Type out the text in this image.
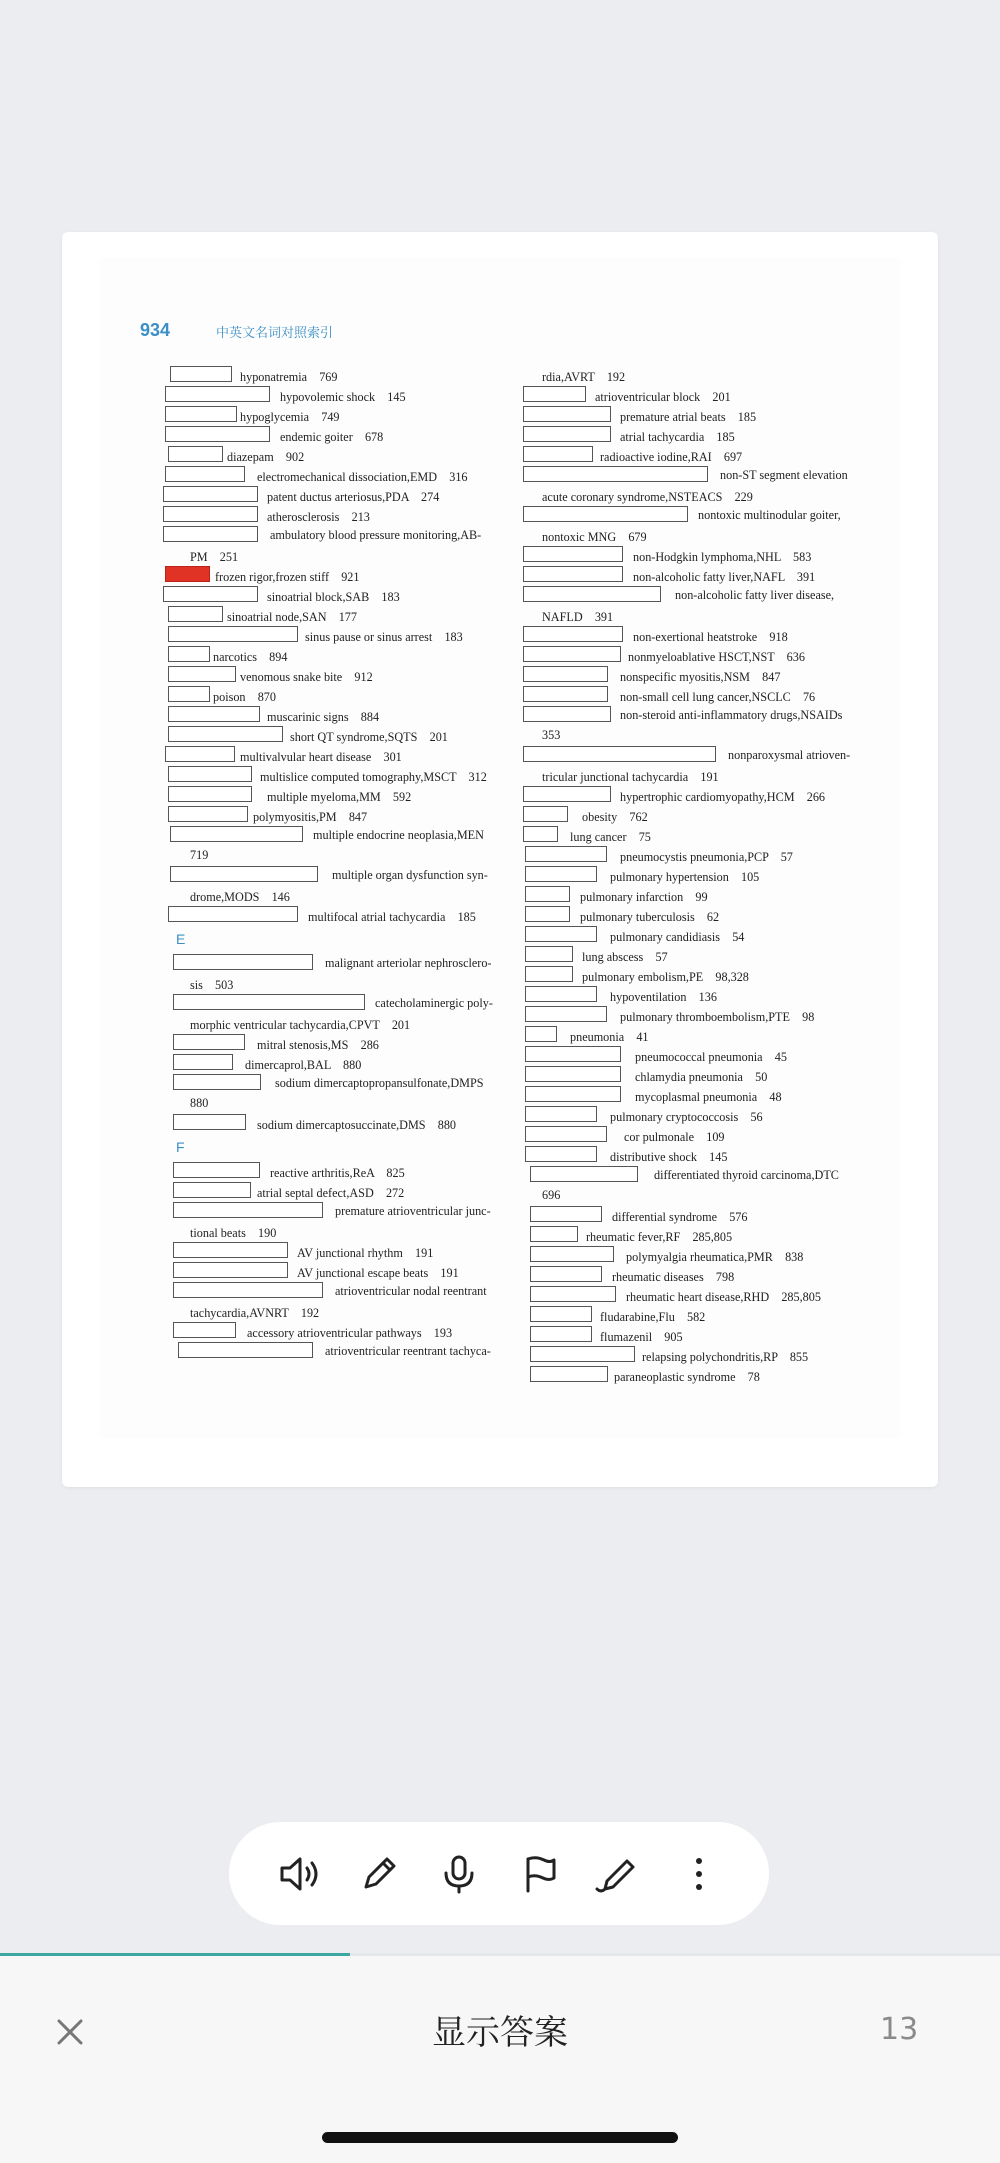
934	中英文名词对照索引
hyponatremia　769
hypovolemic shock　145
hypoglycemia　749
endemic goiter　678
diazepam　902
electromechanical dissociation,EMD　316
patent ductus arteriosus,PDA　274
atherosclerosis　213
ambulatory blood pressure monitoring,AB-
PM　251
frozen rigor,frozen stiff　921
sinoatrial block,SAB　183
sinoatrial node,SAN　177
sinus pause or sinus arrest　183
narcotics　894
venomous snake bite　912
poison　870
muscarinic signs　884
short QT syndrome,SQTS　201
multivalvular heart disease　301
multislice computed tomography,MSCT　312
multiple myeloma,MM　592
polymyositis,PM　847
multiple endocrine neoplasia,MEN
719
multiple organ dysfunction syn-
drome,MODS　146
multifocal atrial tachycardia　185
E
malignant arteriolar nephrosclero-
sis　503
catecholaminergic poly-
morphic ventricular tachycardia,CPVT　201
mitral stenosis,MS　286
dimercaprol,BAL　880
sodium dimercaptopropansulfonate,DMPS
880
sodium dimercaptosuccinate,DMS　880
F
reactive arthritis,ReA　825
atrial septal defect,ASD　272
premature atrioventricular junc-
tional beats　190
AV junctional rhythm　191
AV junctional escape beats　191
atrioventricular nodal reentrant
tachycardia,AVNRT　192
accessory atrioventricular pathways　193
atrioventricular reentrant tachyca-
rdia,AVRT　192
atrioventricular block　201
premature atrial beats　185
atrial tachycardia　185
radioactive iodine,RAI　697
non-ST segment elevation
acute coronary syndrome,NSTEACS　229
nontoxic multinodular goiter,
nontoxic MNG　679
non-Hodgkin lymphoma,NHL　583
non-alcoholic fatty liver,NAFL　391
non-alcoholic fatty liver disease,
NAFLD　391
non-exertional heatstroke　918
nonmyeloablative HSCT,NST　636
nonspecific myositis,NSM　847
non-small cell lung cancer,NSCLC　76
non-steroid anti-inflammatory drugs,NSAIDs
353
nonparoxysmal atrioven-
tricular junctional tachycardia　191
hypertrophic cardiomyopathy,HCM　266
obesity　762
lung cancer　75
pneumocystis pneumonia,PCP　57
pulmonary hypertension　105
pulmonary infarction　99
pulmonary tuberculosis　62
pulmonary candidiasis　54
lung abscess　57
pulmonary embolism,PE　98,328
hypoventilation　136
pulmonary thromboembolism,PTE　98
pneumonia　41
pneumococcal pneumonia　45
chlamydia pneumonia　50
mycoplasmal pneumonia　48
pulmonary cryptococcosis　56
cor pulmonale　109
distributive shock　145
differentiated thyroid carcinoma,DTC
696
differential syndrome　576
rheumatic fever,RF　285,805
polymyalgia rheumatica,PMR　838
rheumatic diseases　798
rheumatic heart disease,RHD　285,805
fludarabine,Flu　582
flumazenil　905
relapsing polychondritis,RP　855
paraneoplastic syndrome　78
显示答案	13
